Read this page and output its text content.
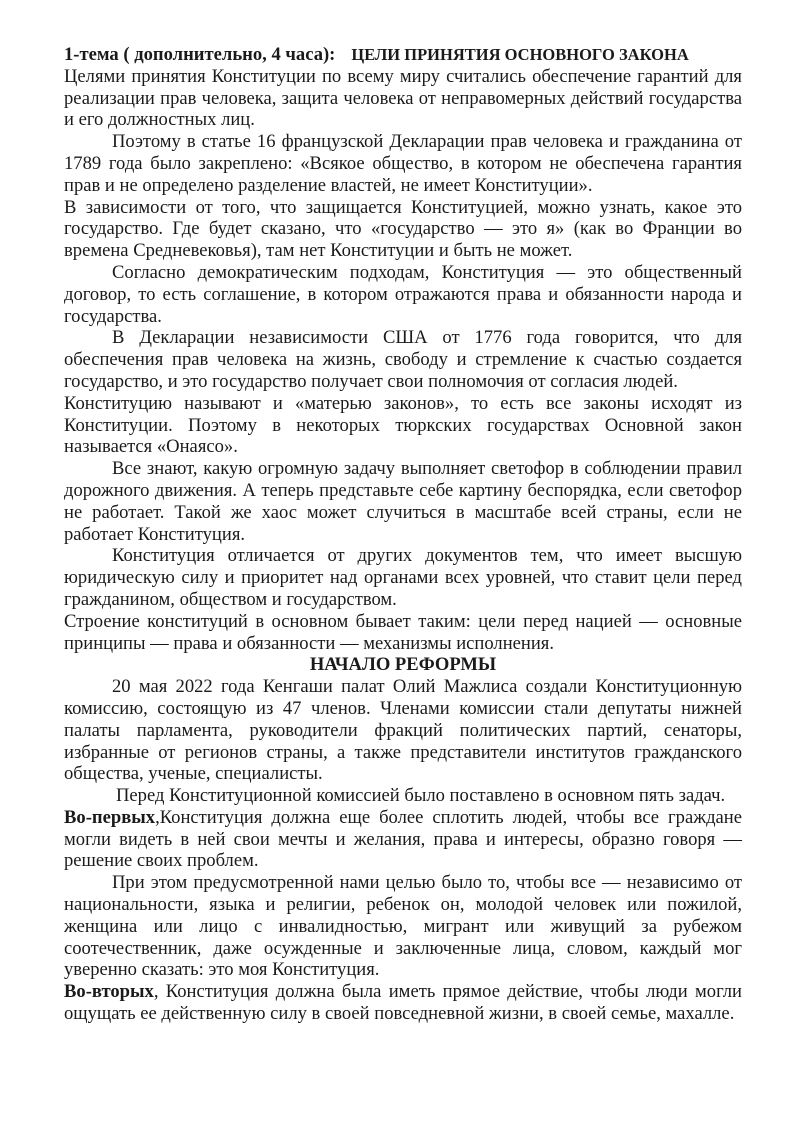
1-тема ( дополнительно, 4 часа): ЦЕЛИ ПРИНЯТИЯ ОСНОВНОГО ЗАКОНА

Целями принятия Конституции по всему миру считались обеспечение гарантий для реализации прав человека, защита человека от неправомерных действий государства и его должностных лиц.

Поэтому в статье 16 французской Декларации прав человека и гражданина от 1789 года было закреплено: «Всякое общество, в котором не обеспечена гарантия прав и не определено разделение властей, не имеет Конституции».

В зависимости от того, что защищается Конституцией, можно узнать, какое это государство. Где будет сказано, что «государство — это я» (как во Франции во времена Средневековья), там нет Конституции и быть не может.

Согласно демократическим подходам, Конституция — это общественный договор, то есть соглашение, в котором отражаются права и обязанности народа и государства.

В Декларации независимости США от 1776 года говорится, что для обеспечения прав человека на жизнь, свободу и стремление к счастью создается государство, и это государство получает свои полномочия от согласия людей.

Конституцию называют и «матерью законов», то есть все законы исходят из Конституции. Поэтому в некоторых тюркских государствах Основной закон называется «Онаясо».

Все знают, какую огромную задачу выполняет светофор в соблюдении правил дорожного движения. А теперь представьте себе картину беспорядка, если светофор не работает. Такой же хаос может случиться в масштабе всей страны, если не работает Конституция.

Конституция отличается от других документов тем, что имеет высшую юридическую силу и приоритет над органами всех уровней, что ставит цели перед гражданином, обществом и государством.

Строение конституций в основном бывает таким: цели перед нацией — основные принципы — права и обязанности — механизмы исполнения.

НАЧАЛО РЕФОРМЫ

20 мая 2022 года Кенгаши палат Олий Мажлиса создали Конституционную комиссию, состоящую из 47 членов. Членами комиссии стали депутаты нижней палаты парламента, руководители фракций политических партий, сенаторы, избранные от регионов страны, а также представители институтов гражданского общества, ученые, специалисты.

Перед Конституционной комиссией было поставлено в основном пять задач.

Во-первых,Конституция должна еще более сплотить людей, чтобы все граждане могли видеть в ней свои мечты и желания, права и интересы, образно говоря — решение своих проблем.

При этом предусмотренной нами целью было то, чтобы все — независимо от национальности, языка и религии, ребенок он, молодой человек или пожилой, женщина или лицо с инвалидностью, мигрант или живущий за рубежом соотечественник, даже осужденные и заключенные лица, словом, каждый мог уверенно сказать: это моя Конституция.

Во-вторых, Конституция должна была иметь прямое действие, чтобы люди могли ощущать ее действенную силу в своей повседневной жизни, в своей семье, махалле.
